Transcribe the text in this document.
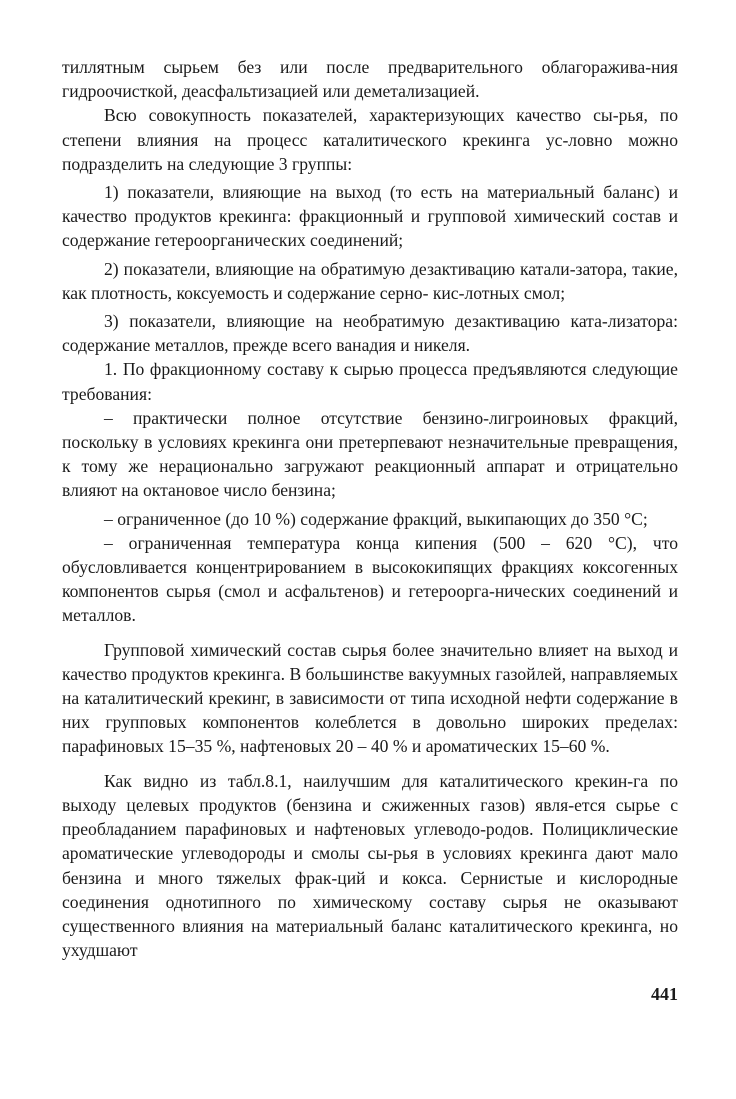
тиллятным сырьем без или после предварительного облагоражива-ния гидроочисткой, деасфальтизацией или деметализацией.

Всю совокупность показателей, характеризующих качество сы-рья, по степени влияния на процесс каталитического крекинга ус-ловно можно подразделить на следующие 3 группы:

1) показатели, влияющие на выход (то есть на материальный баланс) и качество продуктов крекинга: фракционный и групповой химический состав и содержание гетероорганических соединений;

2) показатели, влияющие на обратимую дезактивацию катали-затора, такие, как плотность, коксуемость и содержание серно- кис-лотных смол;

3) показатели, влияющие на необратимую дезактивацию ката-лизатора: содержание металлов, прежде всего ванадия и никеля.

1. По фракционному составу к сырью процесса предъявляются следующие требования:

– практически полное отсутствие бензино-лигроиновых фракций, поскольку в условиях крекинга они претерпевают незначительные превращения, к тому же нерационально загружают реакционный аппарат и отрицательно влияют на октановое число бензина;

– ограниченное (до 10 %) содержание фракций, выкипающих до 350 °С;

– ограниченная температура конца кипения (500 – 620 °С), что обусловливается концентрированием в высококипящих фракциях коксогенных компонентов сырья (смол и асфальтенов) и гетероорга-нических соединений и металлов.

Групповой химический состав сырья более значительно влияет на выход и качество продуктов крекинга. В большинстве вакуумных газойлей, направляемых на каталитический крекинг, в зависимости от типа исходной нефти содержание в них групповых компонентов колеблется в довольно широких пределах: парафиновых 15–35 %, нафтеновых 20 – 40 % и ароматических 15–60 %.

Как видно из табл.8.1, наилучшим для каталитического крекин-га по выходу целевых продуктов (бензина и сжиженных газов) явля-ется сырье с преобладанием парафиновых и нафтеновых углеводо-родов. Полициклические ароматические углеводороды и смолы сы-рья в условиях крекинга дают мало бензина и много тяжелых фрак-ций и кокса. Сернистые и кислородные соединения однотипного по химическому составу сырья не оказывают существенного влияния на материальный баланс каталитического крекинга, но ухудшают

441
